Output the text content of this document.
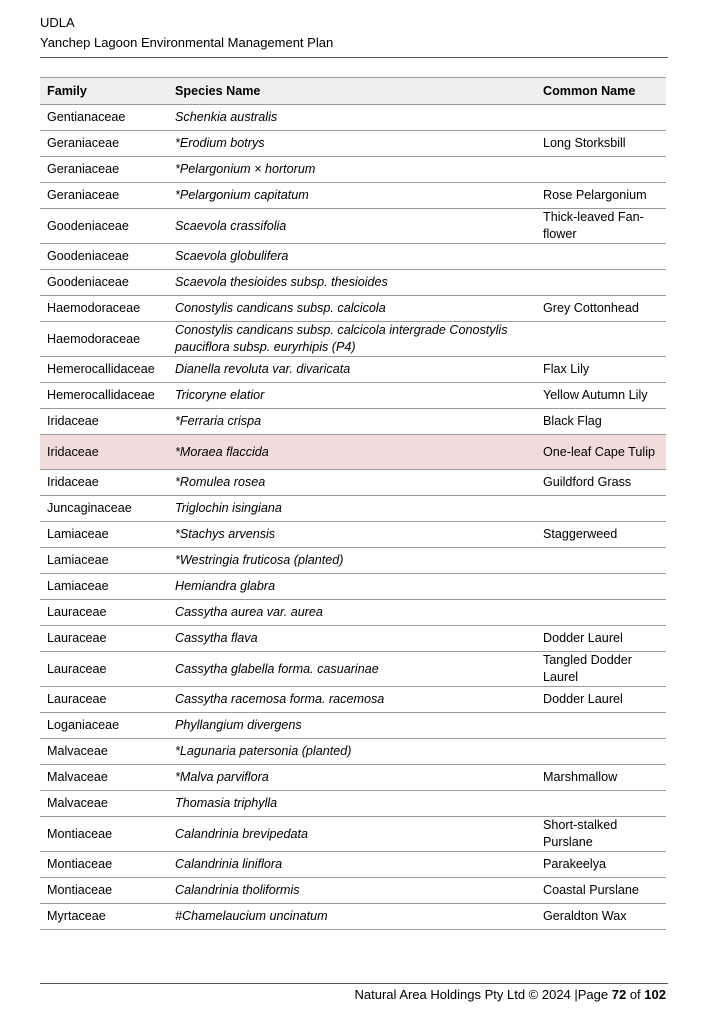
UDLA
Yanchep Lagoon Environmental Management Plan
Family	Species Name	Common Name
Gentianaceae	Schenkia australis	
Geraniaceae	*Erodium botrys	Long Storksbill
Geraniaceae	*Pelargonium × hortorum	
Geraniaceae	*Pelargonium capitatum	Rose Pelargonium
Goodeniaceae	Scaevola crassifolia	Thick-leaved Fan-flower
Goodeniaceae	Scaevola globulifera	
Goodeniaceae	Scaevola thesioides subsp. thesioides	
Haemodoraceae	Conostylis candicans subsp. calcicola	Grey Cottonhead
Haemodoraceae	Conostylis candicans subsp. calcicola intergrade Conostylis pauciflora subsp. euryrhipis (P4)	
Hemerocallidaceae	Dianella revoluta var. divaricata	Flax Lily
Hemerocallidaceae	Tricoryne elatior	Yellow Autumn Lily
Iridaceae	*Ferraria crispa	Black Flag
Iridaceae	*Moraea flaccida	One-leaf Cape Tulip
Iridaceae	*Romulea rosea	Guildford Grass
Juncaginaceae	Triglochin isingiana	
Lamiaceae	*Stachys arvensis	Staggerweed
Lamiaceae	*Westringia fruticosa (planted)	
Lamiaceae	Hemiandra glabra	
Lauraceae	Cassytha aurea var. aurea	
Lauraceae	Cassytha flava	Dodder Laurel
Lauraceae	Cassytha glabella forma. casuarinae	Tangled Dodder Laurel
Lauraceae	Cassytha racemosa forma. racemosa	Dodder Laurel
Loganiaceae	Phyllangium divergens	
Malvaceae	*Lagunaria patersonia (planted)	
Malvaceae	*Malva parviflora	Marshmallow
Malvaceae	Thomasia triphylla	
Montiaceae	Calandrinia brevipedata	Short-stalked Purslane
Montiaceae	Calandrinia liniflora	Parakeelya
Montiaceae	Calandrinia tholiformis	Coastal Purslane
Myrtaceae	#Chamelaucium uncinatum	Geraldton Wax
Natural Area Holdings Pty Ltd © 2024 |Page 72 of 102
